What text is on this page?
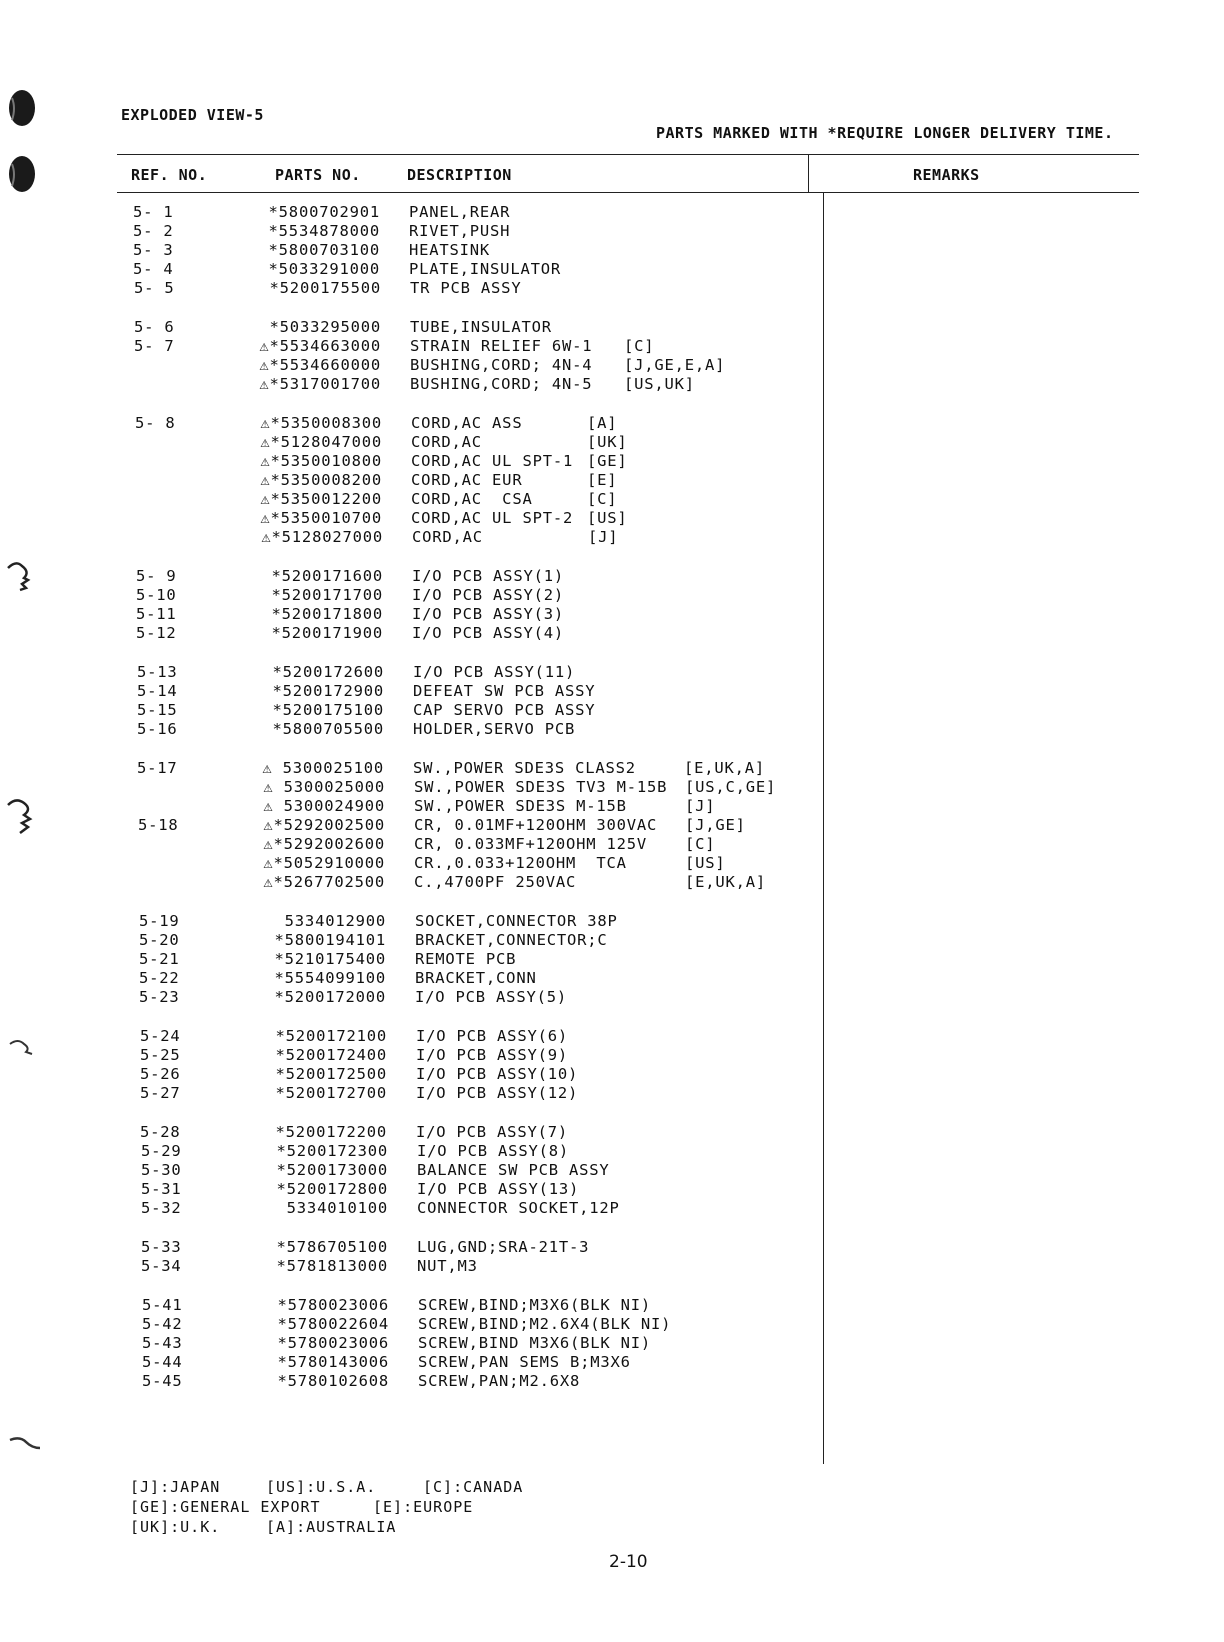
EXPLODED VIEW-5
PARTS MARKED WITH *REQUIRE LONGER DELIVERY TIME.
REF. NO.	PARTS NO.	DESCRIPTION	REMARKS
5- 1	*5800702901 PANEL,REAR
5- 2	*5534878000 RIVET,PUSH
5- 3	*5800703100 HEATSINK
5- 4	*5033291000 PLATE,INSULATOR
5- 5	*5200175500 TR PCB ASSY
5- 6	*5033295000 TUBE,INSULATOR
5- 7	⚠*5534663000 STRAIN RELIEF 6W-1 [C]
⚠*5534660000 BUSHING,CORD; 4N-4 [J,GE,E,A]
⚠*5317001700 BUSHING,CORD; 4N-5 [US,UK]
5- 8	⚠*5350008300 CORD,AC ASS	[A]
⚠*5128047000 CORD,AC	[UK]
⚠*5350010800 CORD,AC UL SPT-1 [GE]
⚠*5350008200 CORD,AC EUR	[E]
⚠*5350012200 CORD,AC  CSA	[C]
⚠*5350010700 CORD,AC UL SPT-2 [US]
⚠*5128027000 CORD,AC	[J]
5- 9	*5200171600 I/O PCB ASSY(1)
5-10	*5200171700 I/O PCB ASSY(2)
5-11	*5200171800 I/O PCB ASSY(3)
5-12	*5200171900 I/O PCB ASSY(4)
5-13	*5200172600 I/O PCB ASSY(11)
5-14	*5200172900 DEFEAT SW PCB ASSY
5-15	*5200175100 CAP SERVO PCB ASSY
5-16	*5800705500 HOLDER,SERVO PCB
5-17	⚠ 5300025100 SW.,POWER SDE3S CLASS2	[E,UK,A]
⚠ 5300025000 SW.,POWER SDE3S TV3 M-15B [US,C,GE]
⚠ 5300024900 SW.,POWER SDE3S M-15B	[J]
5-18	⚠*5292002500 CR, 0.01MF+120OHM 300VAC [J,GE]
⚠*5292002600 CR, 0.033MF+120OHM 125V [C]
⚠*5052910000 CR.,0.033+120OHM  TCA	[US]
⚠*5267702500 C.,4700PF 250VAC	[E,UK,A]
5-19	5334012900 SOCKET,CONNECTOR 38P
5-20	*5800194101 BRACKET,CONNECTOR;C
5-21	*5210175400 REMOTE PCB
5-22	*5554099100 BRACKET,CONN
5-23	*5200172000 I/O PCB ASSY(5)
5-24	*5200172100 I/O PCB ASSY(6)
5-25	*5200172400 I/O PCB ASSY(9)
5-26	*5200172500 I/O PCB ASSY(10)
5-27	*5200172700 I/O PCB ASSY(12)
5-28	*5200172200 I/O PCB ASSY(7)
5-29	*5200172300 I/O PCB ASSY(8)
5-30	*5200173000 BALANCE SW PCB ASSY
5-31	*5200172800 I/O PCB ASSY(13)
5-32	5334010100 CONNECTOR SOCKET,12P
5-33	*5786705100 LUG,GND;SRA-21T-3
5-34	*5781813000 NUT,M3
5-41	*5780023006 SCREW,BIND;M3X6(BLK NI)
5-42	*5780022604 SCREW,BIND;M2.6X4(BLK NI)
5-43	*5780023006 SCREW,BIND M3X6(BLK NI)
5-44	*5780143006 SCREW,PAN SEMS B;M3X6
5-45	*5780102608 SCREW,PAN;M2.6X8
[J]:JAPAN	[US]:U.S.A.	[C]:CANADA
[GE]:GENERAL EXPORT	[E]:EUROPE
[UK]:U.K.	[A]:AUSTRALIA
2-10
